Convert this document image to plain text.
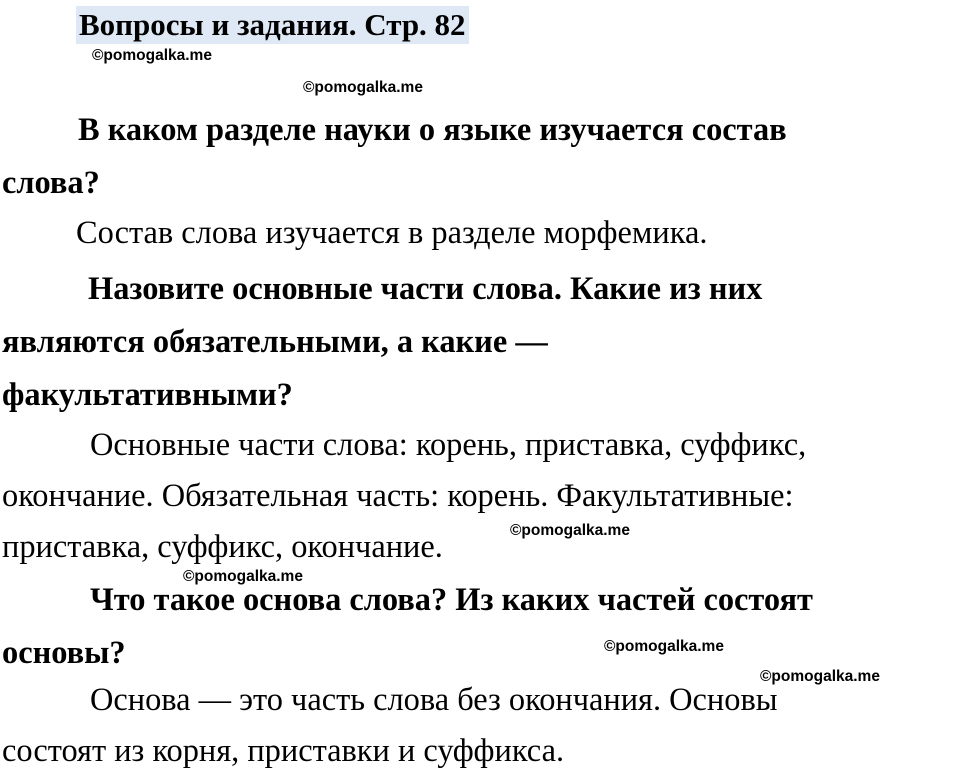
Вопросы и задания. Стр. 82
©pomogalka.me
©pomogalka.me
В каком разделе науки о языке изучается состав
слова?
Состав слова изучается в разделе морфемика.
Назовите основные части слова. Какие из них
являются обязательными, а какие —
факультативными?
Основные части слова: корень, приставка, суффикс,
окончание. Обязательная часть: корень. Факультативные:
приставка, суффикс, окончание.	©pomogalka.me
©pomogalka.me
Что такое основа слова? Из каких частей состоят
основы?	©pomogalka.me
©pomogalka.me
Основа — это часть слова без окончания. Основы
состоят из корня, приставки и суффикса.
